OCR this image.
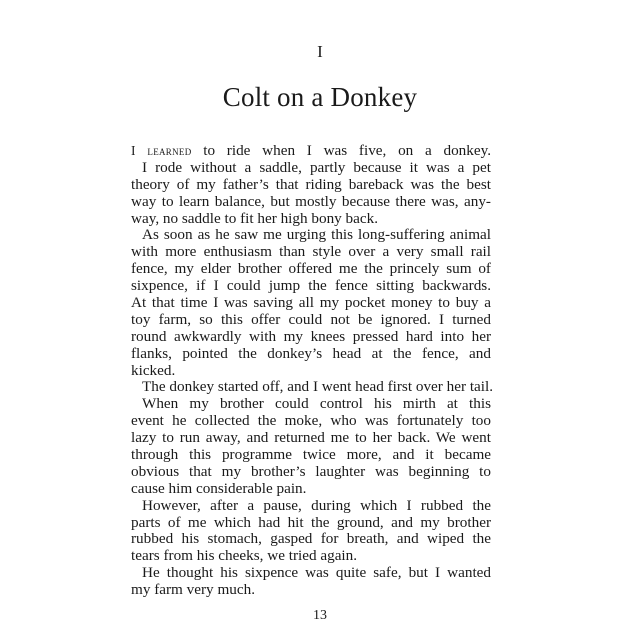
I
Colt on a Donkey
I learned to ride when I was five, on a donkey.
I rode without a saddle, partly because it was a pet
theory of my father’s that riding bareback was the best
way to learn balance, but mostly because there was, any-
way, no saddle to fit her high bony back.
As soon as he saw me urging this long-suffering animal
with more enthusiasm than style over a very small rail
fence, my elder brother offered me the princely sum of
sixpence, if I could jump the fence sitting backwards.
At that time I was saving all my pocket money to buy a
toy farm, so this offer could not be ignored. I turned
round awkwardly with my knees pressed hard into her
flanks, pointed the donkey’s head at the fence, and
kicked.
The donkey started off, and I went head first over her tail.
When my brother could control his mirth at this
event he collected the moke, who was fortunately too
lazy to run away, and returned me to her back. We went
through this programme twice more, and it became
obvious that my brother’s laughter was beginning to
cause him considerable pain.
However, after a pause, during which I rubbed the
parts of me which had hit the ground, and my brother
rubbed his stomach, gasped for breath, and wiped the
tears from his cheeks, we tried again.
He thought his sixpence was quite safe, but I wanted
my farm very much.
13
